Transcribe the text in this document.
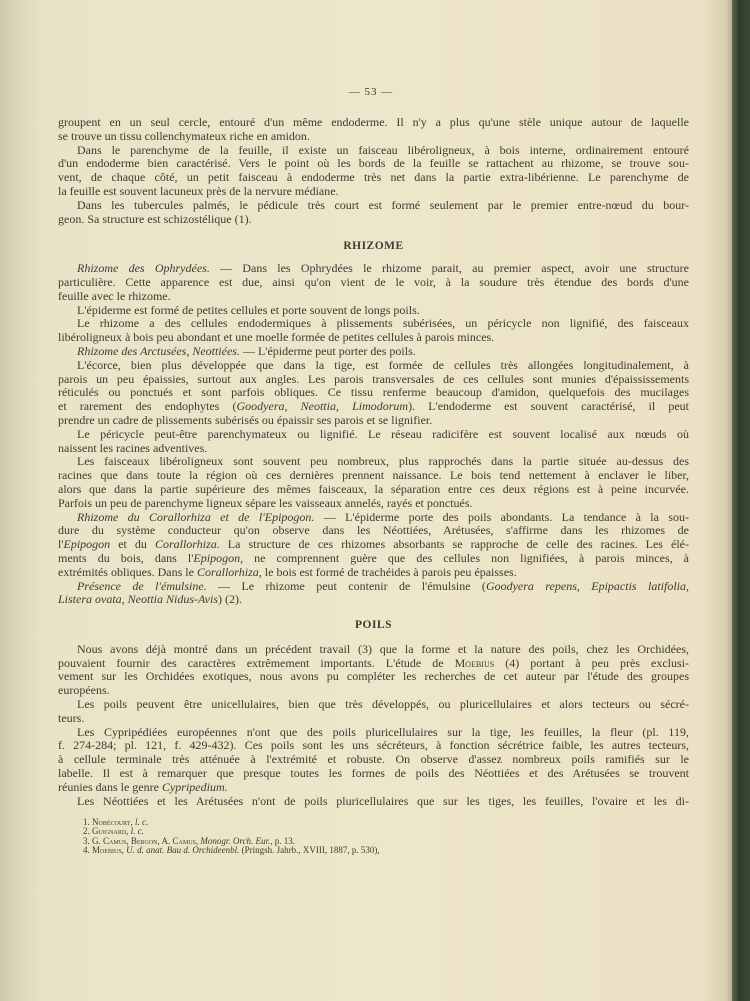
— 53 —
groupent en un seul cercle, entouré d'un même endoderme. Il n'y a plus qu'une stèle unique autour de laquelle
se trouve un tissu collenchymateux riche en amidon.
Dans le parenchyme de la feuille, il existe un faisceau libéroligneux, à bois interne, ordinairement entouré
d'un endoderme bien caractérisé. Vers le point où les bords de la feuille se rattachent au rhizome, se trouve sou-
vent, de chaque côté, un petit faisceau à endoderme très net dans la partie extra-libérienne. Le parenchyme de
la feuille est souvent lacuneux près de la nervure médiane.
Dans les tubercules palmés, le pédicule très court est formé seulement par le premier entre-nœud du bour-
geon. Sa structure est schizostélique (1).
RHIZOME
Rhizome des Ophrydées. — Dans les Ophrydées le rhizome parait, au premier aspect, avoir une structure
particulière. Cette apparence est due, ainsi qu'on vient de le voir, à la soudure très étendue des bords d'une
feuille avec le rhizome.
L'épiderme est formé de petites cellules et porte souvent de longs poils.
Le rhizome a des cellules endodermiques à plissements subérisées, un péricycle non lignifié, des faisceaux
libéroligneux à bois peu abondant et une moelle formée de petites cellules à parois minces.
Rhizome des Arctusées, Neottiées. — L'épiderme peut porter des poils.
L'écorce, bien plus développée que dans la tige, est formée de cellules très allongées longitudinalement, à
parois un peu épaissies, surtout aux angles. Les parois transversales de ces cellules sont munies d'épaississements
réticulés ou ponctués et sont parfois obliques. Ce tissu renferme beaucoup d'amidon, quelquefois des mucilages
et rarement des endophytes (Goodyera, Neottia, Limodorum). L'endoderme est souvent caractérisé, il peut
prendre un cadre de plissements subérisés ou épaissir ses parois et se lignifier.
Le péricycle peut-être parenchymateux ou lignifié. Le réseau radicifère est souvent localisé aux nœuds où
naissent les racines adventives.
Les faisceaux libéroligneux sont souvent peu nombreux, plus rapprochés dans la partie située au-dessus des
racines que dans toute la région où ces dernières prennent naissance. Le bois tend nettement à enclaver le liber,
alors que dans la partie supérieure des mêmes faisceaux, la séparation entre ces deux régions est à peine incurvée.
Parfois un peu de parenchyme ligneux sépare les vaisseaux annelés, rayés et ponctués.
Rhizome du Corallorhiza et de l'Epipogon. — L'épiderme porte des poils abondants. La tendance à la sou-
dure du système conducteur qu'on observe dans les Néottiées, Arétusées, s'affirme dans les rhizomes de
l'Epipogon et du Corallorhiza. La structure de ces rhizomes absorbants se rapproche de celle des racines. Les élé-
ments du bois, dans l'Epipogon, ne comprennent guère que des cellules non lignifiées, à parois minces, à
extrémités obliques. Dans le Corallorhiza, le bois est formé de trachéides à parois peu épaisses.
Présence de l'émulsine. — Le rhizome peut contenir de l'émulsine (Goodyera repens, Epipactis latifolia,
Listera ovata, Neottia Nidus-Avis) (2).
POILS
Nous avons déjà montré dans un précédent travail (3) que la forme et la nature des poils, chez les Orchidées,
pouvaient fournir des caractères extrêmement importants. L'étude de Moebius (4) portant à peu près exclusi-
vement sur les Orchidées exotiques, nous avons pu compléter les recherches de cet auteur par l'étude des groupes
européens.
Les poils peuvent être unicellulaires, bien que très développés, ou pluricellulaires et alors tecteurs ou sécré-
teurs.
Les Cypripédiées européennes n'ont que des poils pluricellulaires sur la tige, les feuilles, la fleur (pl. 119,
f. 274-284; pl. 121, f. 429-432). Ces poils sont les uns sécréteurs, à fonction sécrétrice faible, les autres tecteurs,
à cellule terminale très atténuée à l'extrémité et robuste. On observe d'assez nombreux poils ramifiés sur le
labelle. Il est à remarquer que presque toutes les formes de poils des Néottiées et des Arétusées se trouvent
réunies dans le genre Cypripedium.
Les Néottiées et les Arétusées n'ont de poils pluricellulaires que sur les tiges, les feuilles, l'ovaire et les di-
1. Nobécourt, l. c.
2. Guignard, l. c.
3. G. Camus, Bergon, A. Camus, Monogr. Orch. Eur., p. 13.
4. Moebius, U. d. anat. Bau d. Orchideenbl. (Pringsh. Jahrb., XVIII, 1887, p. 530),
